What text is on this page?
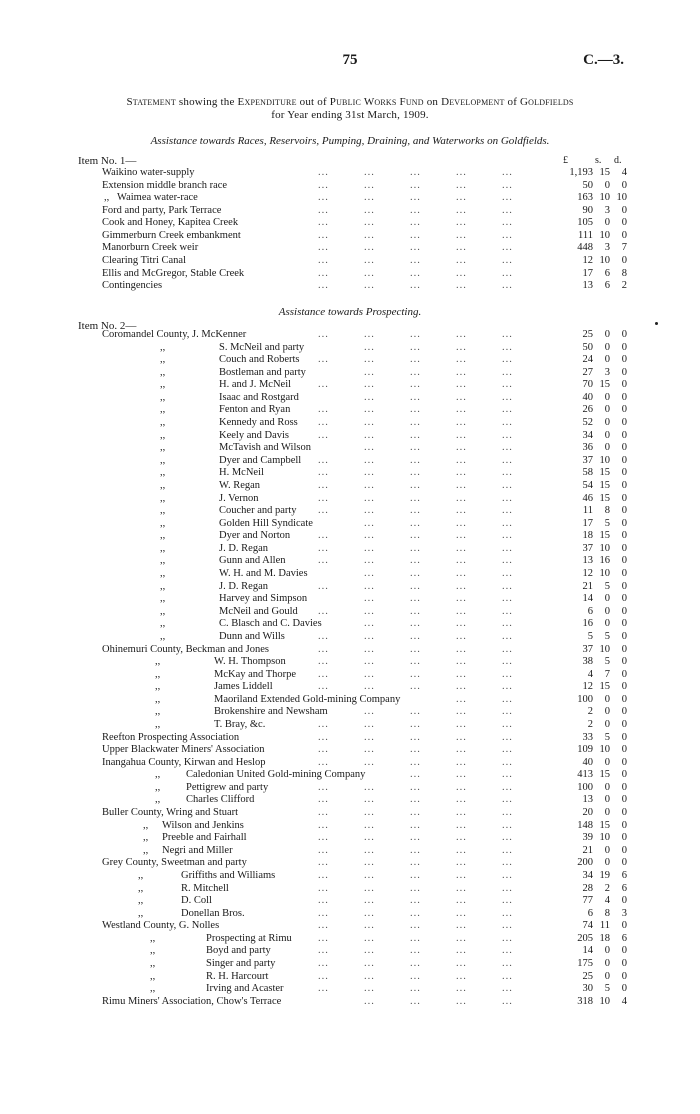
75	C.—3.
Statement showing the Expenditure out of Public Works Fund on Development of Goldfields
for Year ending 31st March, 1909.
Assistance towards Races, Reservoirs, Pumping, Draining, and Waterworks on Goldfields.
Item No. 1—	£	s. d.
Waikino water-supply	...	...	...	...	...	1,193 15	4
Extension middle branch race	...	...	...	...	...	50	0	0
,, Waimea water-race	...	...	...	...	...	163 10 10
Ford and party, Park Terrace	...	...	...	...	...	90	3	0
Cook and Honey, Kapitea Creek	...	...	...	...	...	105	0	0
Gimmerburn Creek embankment	...	...	...	...	...	111 10	0
Manorburn Creek weir	...	...	...	...	...	448	3	7
Clearing Titri Canal	...	...	...	...	...	12 10	0
Ellis and McGregor, Stable Creek	...	...	...	...	...	17	6	8
Contingencies	...	...	...	...	...	13	6	2
Assistance towards Prospecting.
Item No. 2—
Coromandel County, J. McKenner	...	...	...	...	...	25	0	0
,,	S. McNeil and party	...	...	...	...	50	0	0
,,	Couch and Roberts ...	...	...	...	...	24	0	0
,,	Bostleman and party	...	...	...	...	27	3	0
,,	H. and J. McNeil	...	...	...	...	...	70 15	0
,,	Isaac and Rostgard	...	...	...	...	40	0	0
,,	Fenton and Ryan	...	...	...	...	...	26	0	0
,,	Kennedy and Ross ...	...	...	...	...	52	0	0
,,	Keely and Davis	...	...	...	...	...	34	0	0
,,	McTavish and Wilson	...	...	...	...	36	0	0
,,	Dyer and Campbell ...	...	...	...	...	37 10	0
,,	H. McNeil	...	...	...	...	...	58 15	0
,,	W. Regan	...	...	...	...	...	54 15	0
,,	J. Vernon	...	...	...	...	...	46 15	0
,,	Coucher and party ...	...	...	...	...	11	8	0
,,	Golden Hill Syndicate	...	...	...	...	17	5	0
,,	Dyer and Norton	...	...	...	...	...	18 15	0
,,	J. D. Regan	...	...	...	...	...	37 10	0
,,	Gunn and Allen	...	...	...	...	...	13 16	0
,,	W. H. and M. Davies	...	...	...	...	12 10	0
,,	J. D. Regan	...	...	...	...	...	21	5	0
,,	Harvey and Simpson	...	...	...	...	14	0	0
,,	McNeil and Gould ...	...	...	...	...	6	0	0
,,	C. Blasch and C. Davies	...	...	...	...	16	0	0
,,	Dunn and Wills	...	...	...	...	...	5	5	0
Ohinemuri County, Beckman and Jones	...	...	...	...	...	37 10	0
,,	W. H. Thompson	...	...	...	...	...	38	5	0
,,	McKay and Thorpe ...	...	...	...	...	4	7	0
,,	James Liddell	...	...	...	...	...	12 15	0
,,	Maoriland Extended Gold-mining Company	...	...	100	0	0
,,	Brokenshire and Newsham	...	...	...	...	2	0	0
,,	T. Bray, &c.	...	...	...	...	...	2	0	0
Reefton Prospecting Association	...	...	...	...	...	33	5	0
Upper Blackwater Miners' Association	...	...	...	...	...	109 10	0
Inangahua County, Kirwan and Heslop	...	...	...	...	...	40	0	0
,, Caledonian United Gold-mining Company	...	...	...	413 15	0
,, Pettigrew and party	...	...	...	...	...	100	0	0
,, Charles Clifford	...	...	...	...	...	13	0	0
Buller County, Wring and Stuart	...	...	...	...	...	20	0	0
,, Wilson and Jenkins	...	...	...	...	...	148 15	0
,, Preeble and Fairhall	...	...	...	...	...	39 10	0
,, Negri and Miller	...	...	...	...	...	21	0	0
Grey County, Sweetman and party	...	...	...	...	...	200	0	0
,,	Griffiths and Williams	...	...	...	...	...	34 19	6
,,	R. Mitchell	...	...	...	...	...	28	2	6
,,	D. Coll	...	...	...	...	...	77	4	0
,,	Donellan Bros.	...	...	...	...	...	6	8	3
Westland County, G. Nolles	...	...	...	...	...	74 11	0
,,	Prospecting at Rimu	...	...	...	...	...	205 18	6
,,	Boyd and party	...	...	...	...	...	14	0	0
,,	Singer and party	...	...	...	...	...	175	0	0
,,	R. H. Harcourt	...	...	...	...	...	25	0	0
,,	Irving and Acaster	...	...	...	...	...	30	5	0
Rimu Miners' Association, Chow's Terrace	...	...	...	...	318 10	4
